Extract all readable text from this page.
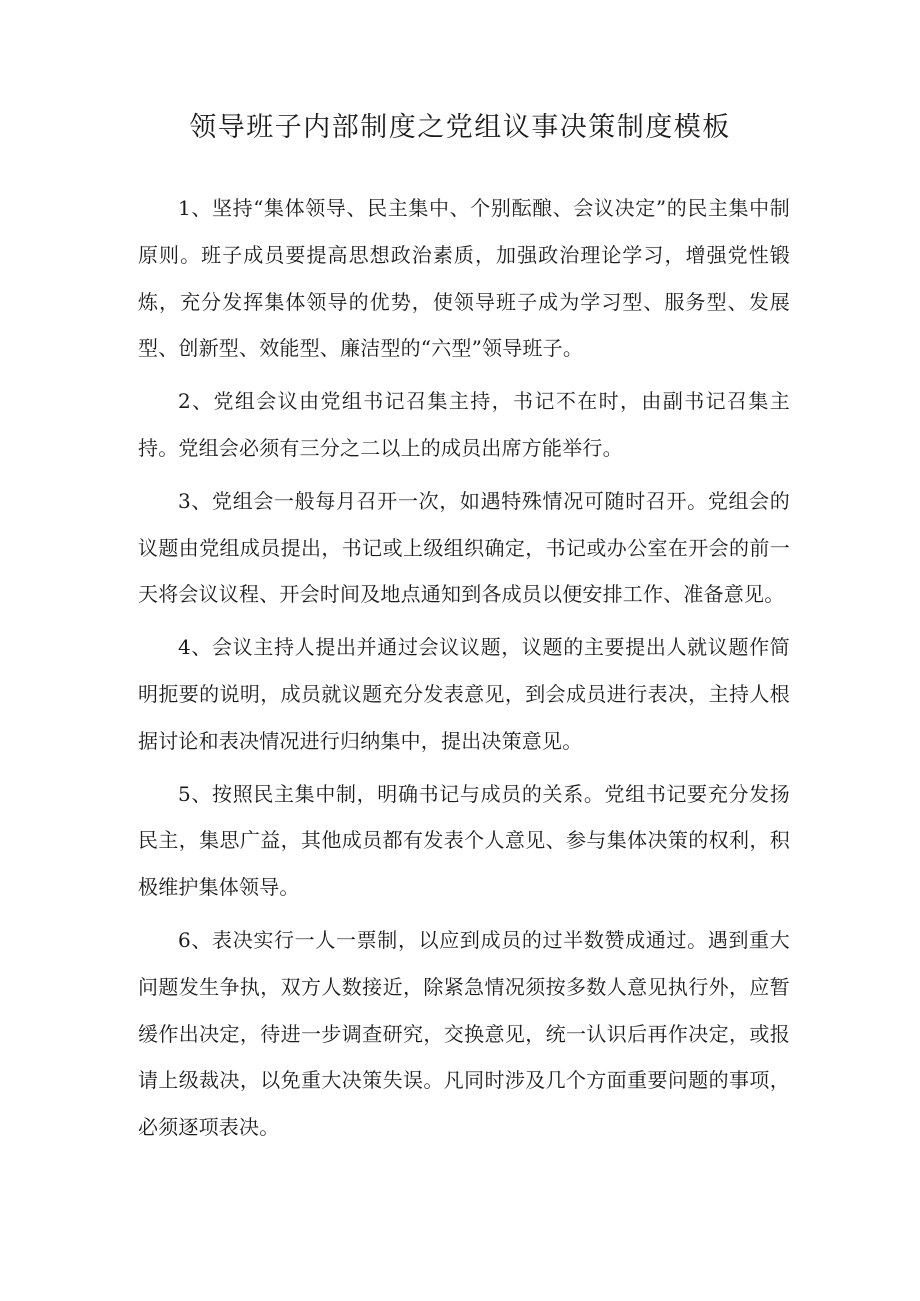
领导班子内部制度之党组议事决策制度模板

1、坚持“集体领导、民主集中、个别酝酿、会议决定”的民主集中制原则。班子成员要提高思想政治素质，加强政治理论学习，增强党性锻炼，充分发挥集体领导的优势，使领导班子成为学习型、服务型、发展型、创新型、效能型、廉洁型的“六型”领导班子。

2、党组会议由党组书记召集主持，书记不在时，由副书记召集主持。党组会必须有三分之二以上的成员出席方能举行。

3、党组会一般每月召开一次，如遇特殊情况可随时召开。党组会的议题由党组成员提出，书记或上级组织确定，书记或办公室在开会的前一天将会议议程、开会时间及地点通知到各成员以便安排工作、准备意见。

4、会议主持人提出并通过会议议题，议题的主要提出人就议题作简明扼要的说明，成员就议题充分发表意见，到会成员进行表决，主持人根据讨论和表决情况进行归纳集中，提出决策意见。

5、按照民主集中制，明确书记与成员的关系。党组书记要充分发扬民主，集思广益，其他成员都有发表个人意见、参与集体决策的权利，积极维护集体领导。

6、表决实行一人一票制，以应到成员的过半数赞成通过。遇到重大问题发生争执，双方人数接近，除紧急情况须按多数人意见执行外，应暂缓作出决定，待进一步调查研究，交换意见，统一认识后再作决定，或报请上级裁决，以免重大决策失误。凡同时涉及几个方面重要问题的事项，必须逐项表决。
